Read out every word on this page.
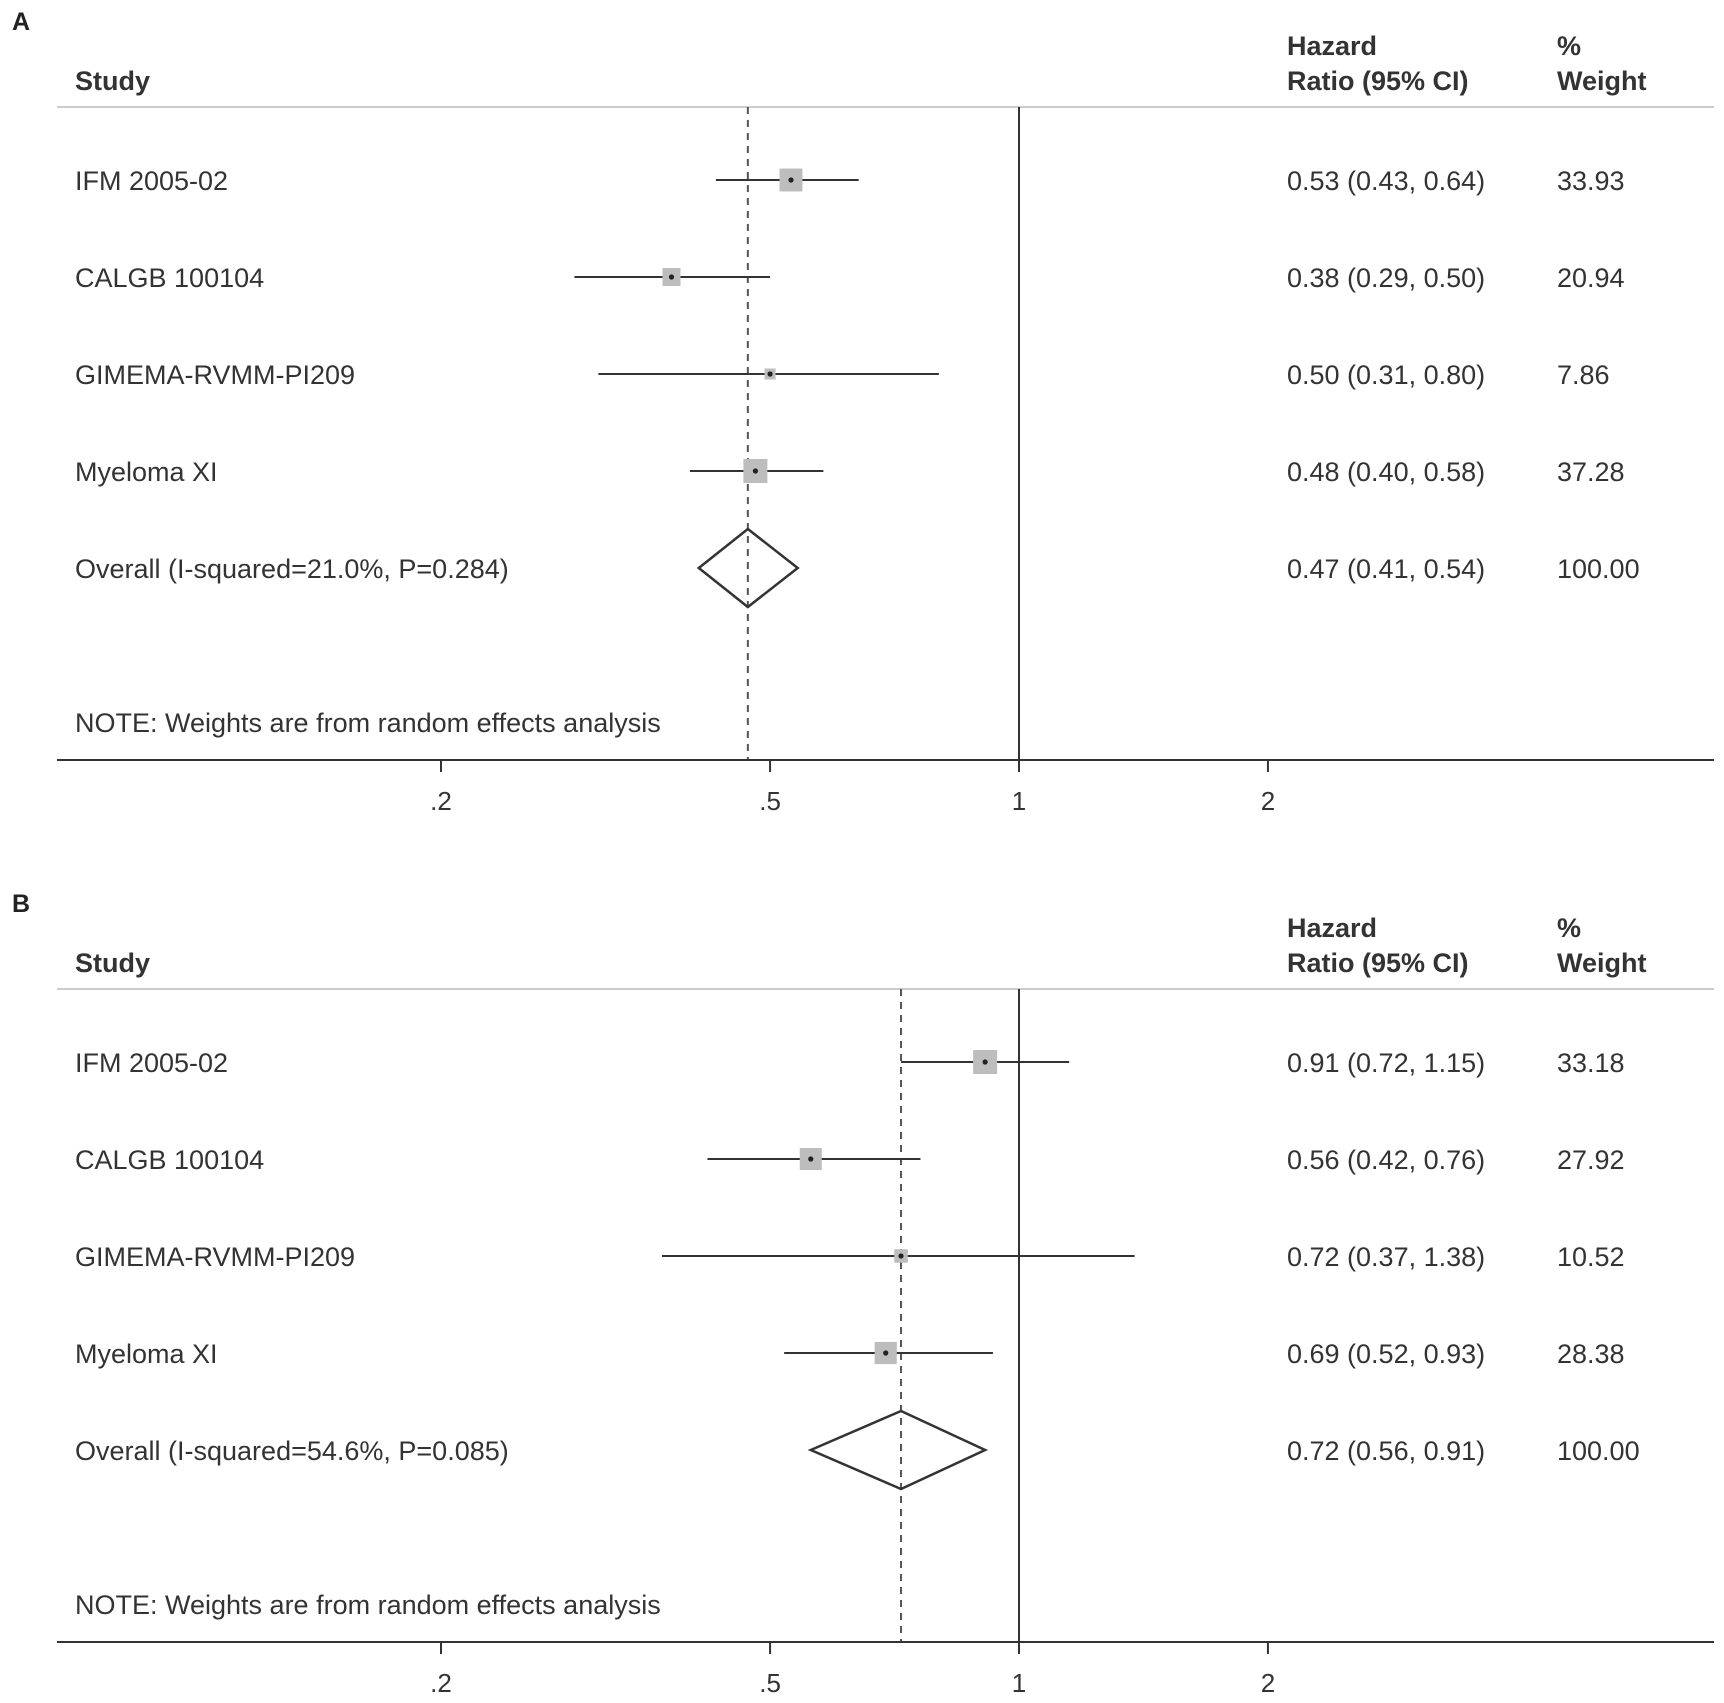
A
Study
Hazard
Ratio (95% CI)
%
Weight
IFM 2005-02	0.53 (0.43, 0.64)	33.93
CALGB 100104	0.38 (0.29, 0.50)	20.94
GIMEMA-RVMM-PI209	0.50 (0.31, 0.80)	7.86
Myeloma XI	0.48 (0.40, 0.58)	37.28
Overall (I-squared=21.0%, P=0.284)	0.47 (0.41, 0.54)	100.00
NOTE: Weights are from random effects analysis
.2	.5	1	2
B
Study
Hazard
Ratio (95% CI)
%
Weight
IFM 2005-02	0.91 (0.72, 1.15)	33.18
CALGB 100104	0.56 (0.42, 0.76)	27.92
GIMEMA-RVMM-PI209	0.72 (0.37, 1.38)	10.52
Myeloma XI	0.69 (0.52, 0.93)	28.38
Overall (I-squared=54.6%, P=0.085)	0.72 (0.56, 0.91)	100.00
NOTE: Weights are from random effects analysis
.2	.5	1	2
